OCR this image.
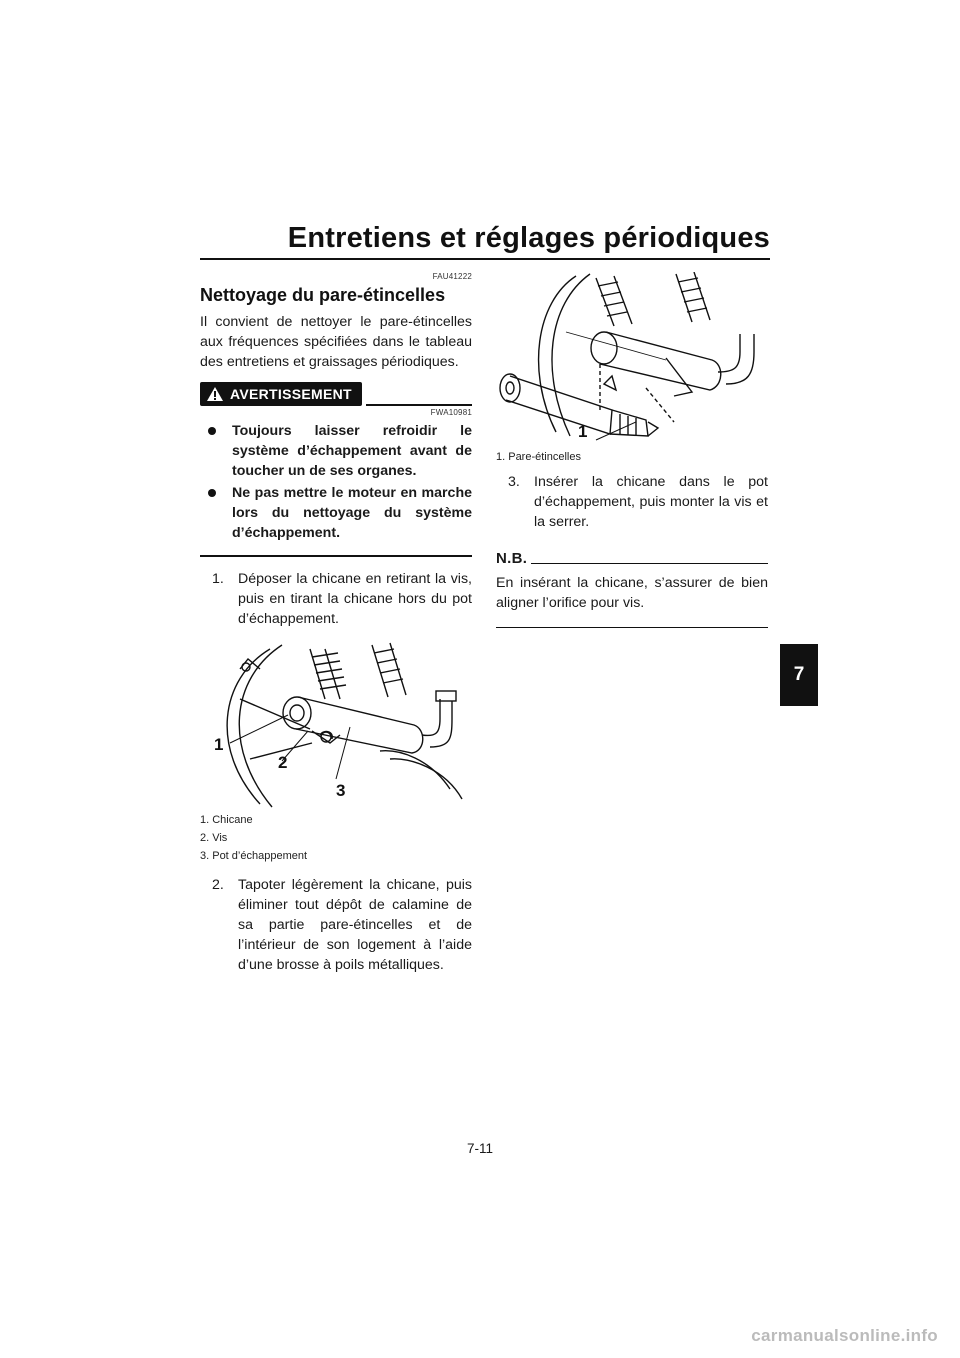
Entretiens et réglages périodiques
7
FAU41222
Nettoyage du pare-étincelles

Il convient de nettoyer le pare-étincelles aux fréquences spécifiées dans le tableau des entretiens et graissages périodiques.

AVERTISSEMENT
FWA10981
Toujours laisser refroidir le système d’échappement avant de toucher un de ses organes.
Ne pas mettre le moteur en marche lors du nettoyage du système d’échappement.

1. Déposer la chicane en retirant la vis, puis en tirant la chicane hors du pot d’échappement.

1
2
3
1. Chicane
2. Vis
3. Pot d’échappement

2. Tapoter légèrement la chicane, puis éliminer tout dépôt de calamine de sa partie pare-étincelles et de l’intérieur de son logement à l’aide d’une brosse à poils métalliques.

1
1. Pare-étincelles

3. Insérer la chicane dans le pot d’échappement, puis monter la vis et la serrer.

N.B.

En insérant la chicane, s’assurer de bien aligner l’orifice pour vis.

7-11
carmanualsonline.info
